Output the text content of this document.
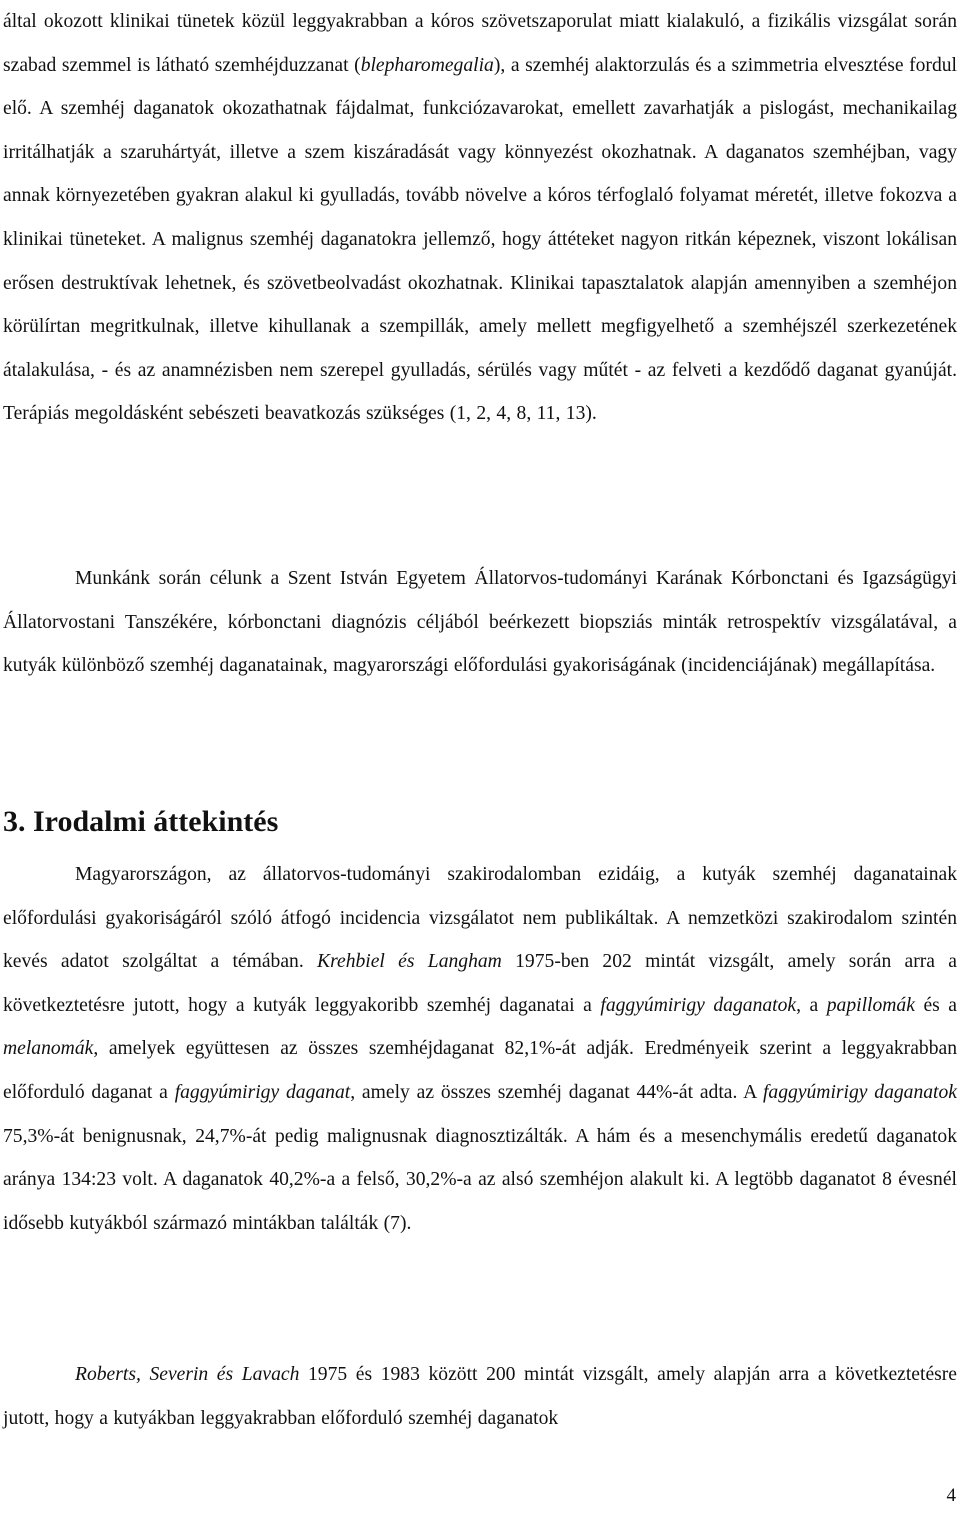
által okozott klinikai tünetek közül leggyakrabban a kóros szövetszaporulat miatt kialakuló, a fizikális vizsgálat során szabad szemmel is látható szemhéjduzzanat (blepharomegalia), a szemhéj alaktorzulás és a szimmetria elvesztése fordul elő. A szemhéj daganatok okozathatnak fájdalmat, funkciózavarokat, emellett zavarhatják a pislogást, mechanikailag irritálhatják a szaruhártyát, illetve a szem kiszáradását vagy könnyezést okozhatnak. A daganatos szemhéjban, vagy annak környezetében gyakran alakul ki gyulladás, tovább növelve a kóros térfoglaló folyamat méretét, illetve fokozva a klinikai tüneteket. A malignus szemhéj daganatokra jellemző, hogy áttéteket nagyon ritkán képeznek, viszont lokálisan erősen destruktívak lehetnek, és szövetbeolvadást okozhatnak. Klinikai tapasztalatok alapján amennyiben a szemhéjon körülírtan megritkulnak, illetve kihullanak a szempillák, amely mellett megfigyelhető a szemhéjszél szerkezetének átalakulása, - és az anamnézisben nem szerepel gyulladás, sérülés vagy műtét - az felveti a kezdődő daganat gyanúját. Terápiás megoldásként sebészeti beavatkozás szükséges (1, 2, 4, 8, 11, 13).

Munkánk során célunk a Szent István Egyetem Állatorvos-tudományi Karának Kórbonctani és Igazságügyi Állatorvostani Tanszékére, kórbonctani diagnózis céljából beérkezett biopsziás minták retrospektív vizsgálatával, a kutyák különböző szemhéj daganatainak, magyarországi előfordulási gyakoriságának (incidenciájának) megállapítása.

3. Irodalmi áttekintés

Magyarországon, az állatorvos-tudományi szakirodalomban ezidáig, a kutyák szemhéj daganatainak előfordulási gyakoriságáról szóló átfogó incidencia vizsgálatot nem publikáltak. A nemzetközi szakirodalom szintén kevés adatot szolgáltat a témában. Krehbiel és Langham 1975-ben 202 mintát vizsgált, amely során arra a következtetésre jutott, hogy a kutyák leggyakoribb szemhéj daganatai a faggyúmirigy daganatok, a papillomák és a melanomák, amelyek együttesen az összes szemhéjdaganat 82,1%-át adják. Eredményeik szerint a leggyakrabban előforduló daganat a faggyúmirigy daganat, amely az összes szemhéj daganat 44%-át adta. A faggyúmirigy daganatok 75,3%-át benignusnak, 24,7%-át pedig malignusnak diagnosztizálták. A hám és a mesenchymális eredetű daganatok aránya 134:23 volt. A daganatok 40,2%-a a felső, 30,2%-a az alsó szemhéjon alakult ki. A legtöbb daganatot 8 évesnél idősebb kutyákból származó mintákban találták (7).

Roberts, Severin és Lavach 1975 és 1983 között 200 mintát vizsgált, amely alapján arra a következtetésre jutott, hogy a kutyákban leggyakrabban előforduló szemhéj daganatok

4
